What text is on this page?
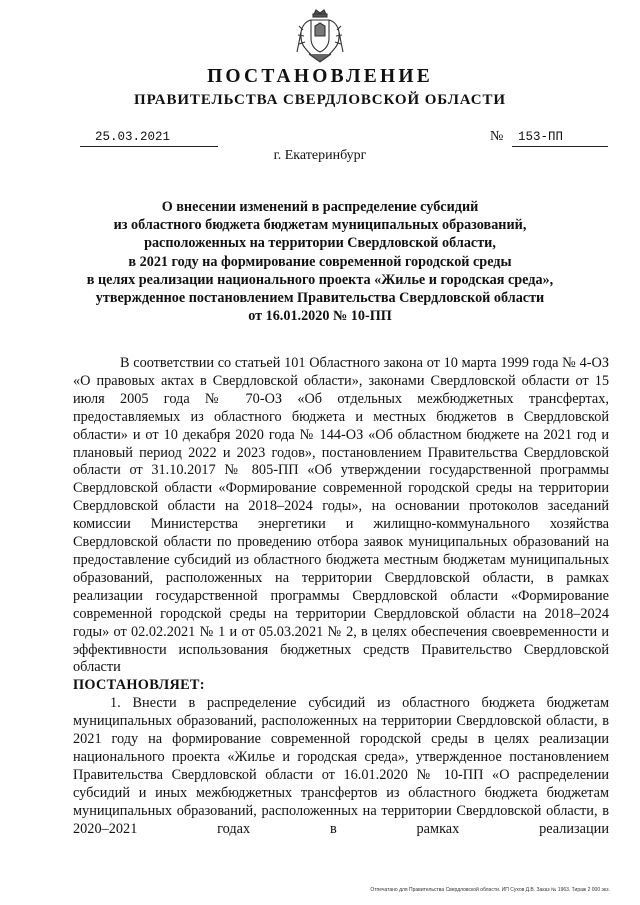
ПОСТАНОВЛЕНИЕ
ПРАВИТЕЛЬСТВА СВЕРДЛОВСКОЙ ОБЛАСТИ
25.03.2021	№	153-ПП
г. Екатеринбург
О внесении изменений в распределение субсидий
из областного бюджета бюджетам муниципальных образований,
расположенных на территории Свердловской области,
в 2021 году на формирование современной городской среды
в целях реализации национального проекта «Жилье и городская среда»,
утвержденное постановлением Правительства Свердловской области
от 16.01.2020 № 10-ПП

В соответствии со статьей 101 Областного закона от 10 марта 1999 года № 4-ОЗ «О правовых актах в Свердловской области», законами Свердловской области от 15 июля 2005 года № 70-ОЗ «Об отдельных межбюджетных трансфертах, предоставляемых из областного бюджета и местных бюджетов в Свердловской области» и от 10 декабря 2020 года № 144-ОЗ «Об областном бюджете на 2021 год и плановый период 2022 и 2023 годов», постановлением Правительства Свердловской области от 31.10.2017 № 805-ПП «Об утверждении государственной программы Свердловской области «Формирование современной городской среды на территории Свердловской области на 2018–2024 годы», на основании протоколов заседаний комиссии Министерства энергетики и жилищно-коммунального хозяйства Свердловской области по проведению отбора заявок муниципальных образований на предоставление субсидий из областного бюджета местным бюджетам муниципальных образований, расположенных на территории Свердловской области, в рамках реализации государственной программы Свердловской области «Формирование современной городской среды на территории Свердловской области на 2018–2024 годы» от 02.02.2021 № 1 и от 05.03.2021 № 2, в целях обеспечения своевременности и эффективности использования бюджетных средств Правительство Свердловской области

ПОСТАНОВЛЯЕТ:

1. Внести в распределение субсидий из областного бюджета бюджетам муниципальных образований, расположенных на территории Свердловской области, в 2021 году на формирование современной городской среды в целях реализации национального проекта «Жилье и городская среда», утвержденное постановлением Правительства Свердловской области от 16.01.2020 № 10-ПП «О распределении субсидий и иных межбюджетных трансфертов из областного бюджета бюджетам муниципальных образований, расположенных на территории Свердловской области, в 2020–2021 годах в рамках реализации

Отпечатано для Правительства Свердловской области. ИП Сухов Д.В. Заказ № 1963. Тираж 2 000 экз.
